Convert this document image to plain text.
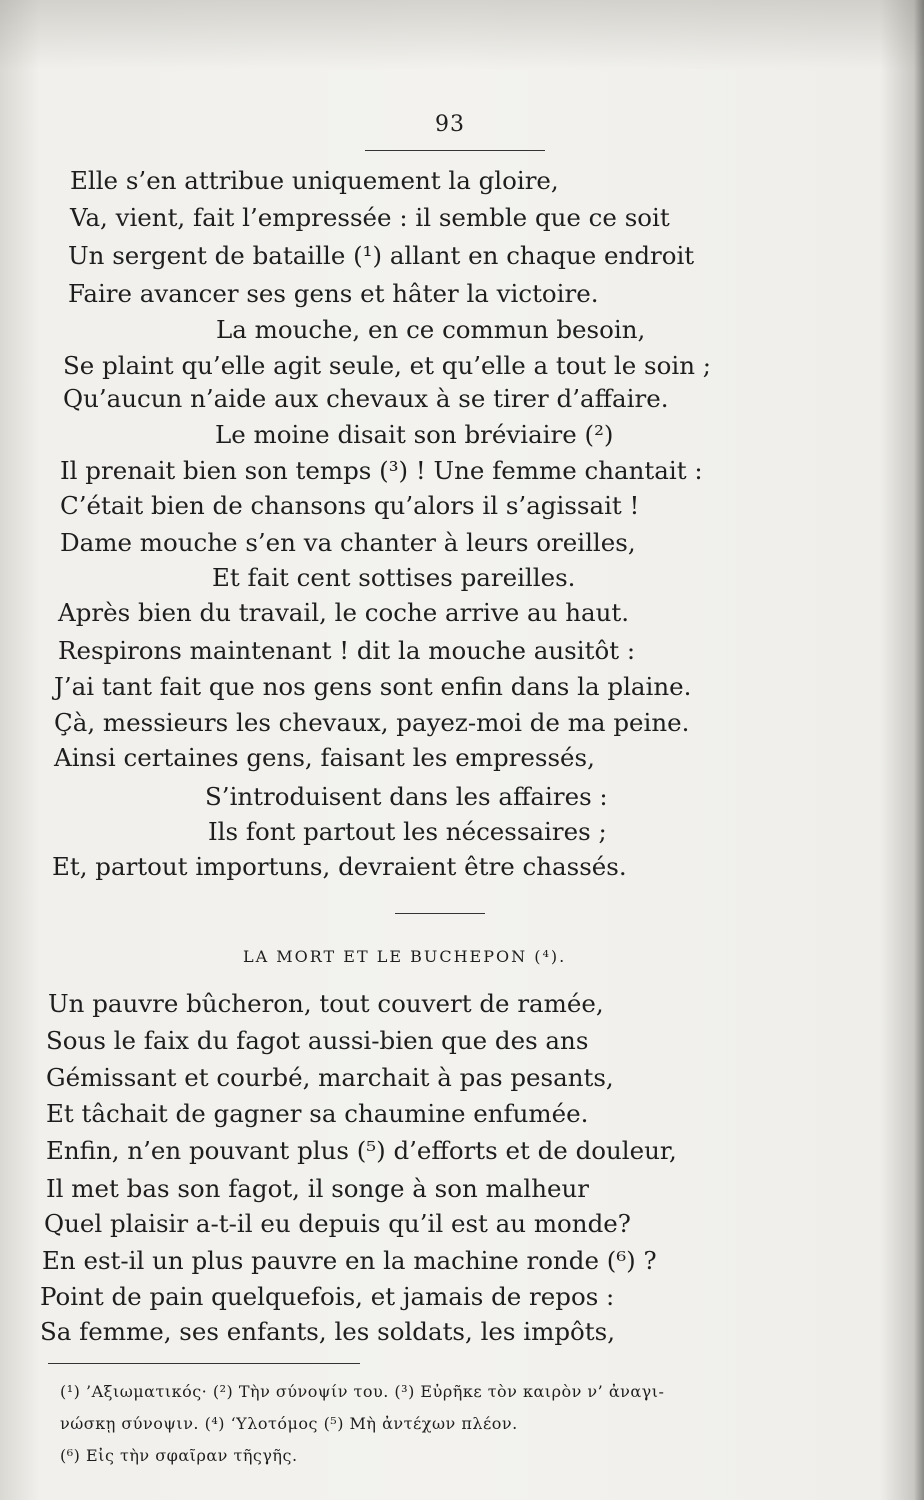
93
Elle s’en attribue uniquement la gloire,
Va, vient, fait l’empressée : il semble que ce soit
Un sergent de bataille (¹) allant en chaque endroit
Faire avancer ses gens et hâter la victoire.
La mouche, en ce commun besoin,
Se plaint qu’elle agit seule, et qu’elle a tout le soin ;
Qu’aucun n’aide aux chevaux à se tirer d’affaire.
Le moine disait son bréviaire (²)
Il prenait bien son temps (³) ! Une femme chantait :
C’était bien de chansons qu’alors il s’agissait !
Dame mouche s’en va chanter à leurs oreilles,
Et fait cent sottises pareilles.
Après bien du travail, le coche arrive au haut.
Respirons maintenant ! dit la mouche ausitôt :
J’ai tant fait que nos gens sont enfin dans la plaine.
Çà, messieurs les chevaux, payez-moi de ma peine.
Ainsi certaines gens, faisant les empressés,
S’introduisent dans les affaires :
Ils font partout les nécessaires ;
Et, partout importuns, devraient être chassés.
LA MORT ET LE BUCHEPON (⁴).
Un pauvre bûcheron, tout couvert de ramée,
Sous le faix du fagot aussi-bien que des ans
Gémissant et courbé, marchait à pas pesants,
Et tâchait de gagner sa chaumine enfumée.
Enfin, n’en pouvant plus (⁵) d’efforts et de douleur,
Il met bas son fagot, il songe à son malheur
Quel plaisir a-t-il eu depuis qu’il est au monde?
En est-il un plus pauvre en la machine ronde (⁶) ?
Point de pain quelquefois, et jamais de repos :
Sa femme, ses enfants, les soldats, les impôts,
(¹) ’Αξιωματικός· (²) Τὴν σύνοψίν του. (³) Εὐρῆκε τὸν καιρὸν ν’ ἀναγι-
νώσκῃ σύνοψιν. (⁴) ‘Υλοτόμος (⁵) Μὴ ἀντέχων πλέον.
(⁶) Εἰς τὴν σφαῖραν τῆςγῆς.
